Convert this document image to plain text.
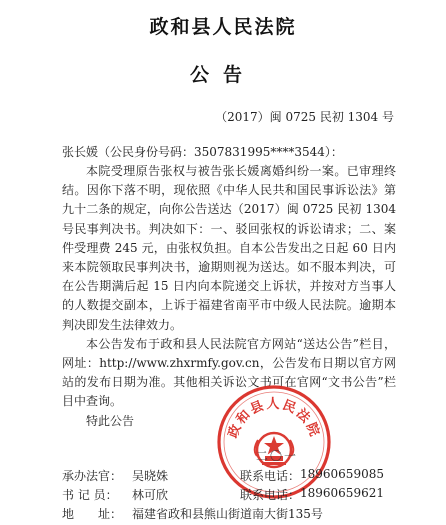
政和县人民法院
公告
（2017）闽 0725 民初 1304 号
张长媛（公民身份号码：3507831995****3544）：

本院受理原告张权与被告张长媛离婚纠纷一案。已审理终结。因你下落不明，现依照《中华人民共和国民事诉讼法》第九十二条的规定，向你公告送达（2017）闽 0725 民初 1304 号民事判决书。判决如下：一、驳回张权的诉讼请求；二、案件受理费 245 元，由张权负担。自本公告发出之日起 60 日内来本院领取民事判决书，逾期则视为送达。如不服本判决，可在公告期满后起 15 日内向本院递交上诉状，并按对方当事人的人数提交副本，上诉于福建省南平市中级人民法院。逾期本判决即发生法律效力。

本公告发布于政和县人民法院官方网站“送达公告”栏目，网址：http://www.zhxrmfy.gov.cn，公告发布日期以官方网站的发布日期为准。其他相关诉讼文书可在官网“文书公告”栏目中查询。

特此公告

政和县人民法院
二〇一
承办法官： 吴晓姝	联系电话： 18960659085
书 记 员： 林可欣	联系电话： 18960659621
地　　址： 福建省政和县熊山街道南大街135号
